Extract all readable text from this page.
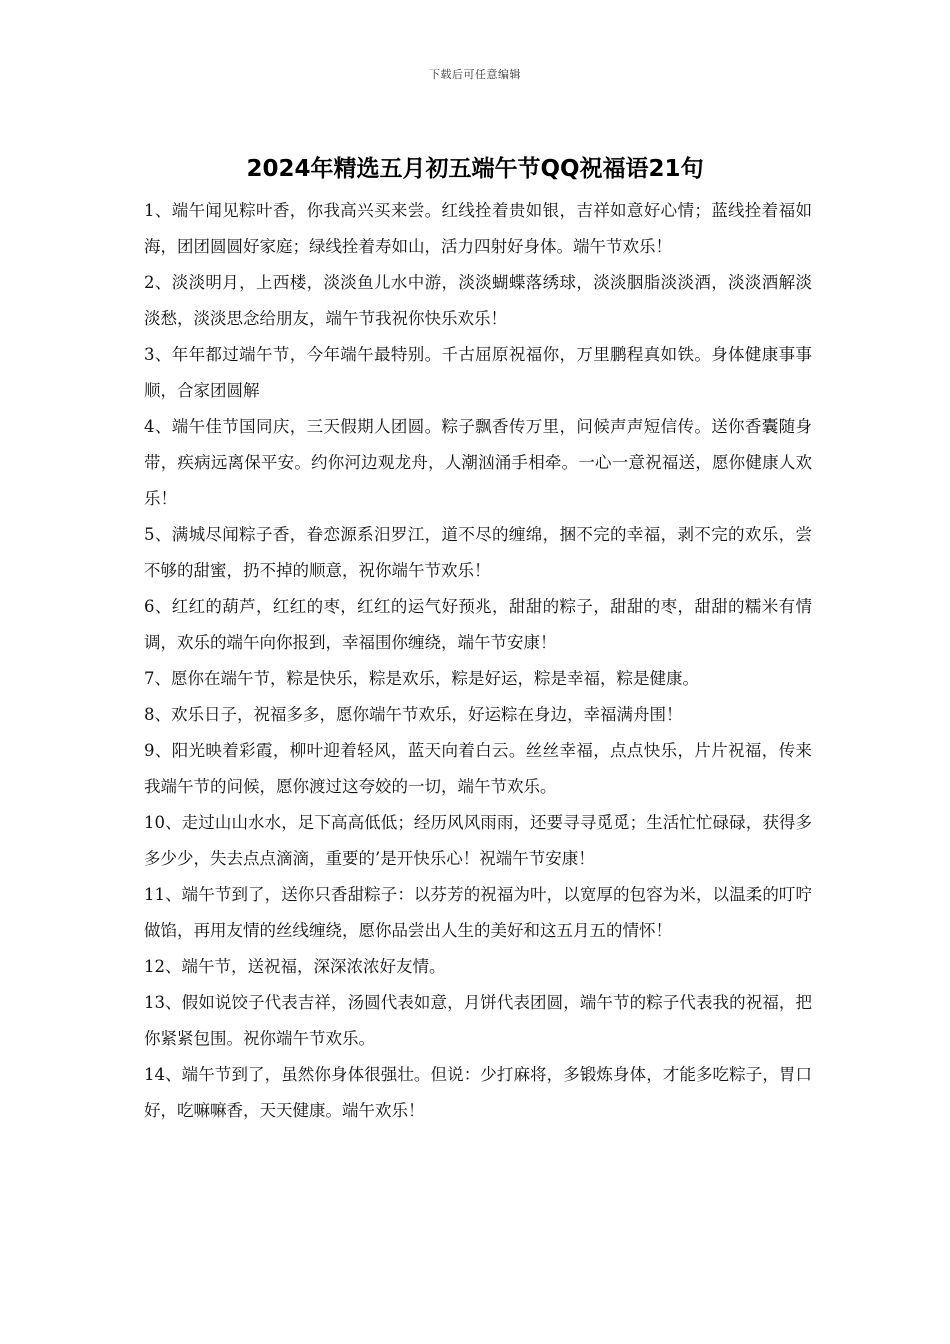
下载后可任意编辑
2024年精选五月初五端午节QQ祝福语21句

1、端午闻见粽叶香，你我高兴买来尝。红线拴着贵如银，吉祥如意好心情；蓝线拴着福如海，团团圆圆好家庭；绿线拴着寿如山，活力四射好身体。端午节欢乐！

2、淡淡明月，上西楼，淡淡鱼儿水中游，淡淡蝴蝶落绣球，淡淡胭脂淡淡酒，淡淡酒解淡淡愁，淡淡思念给朋友，端午节我祝你快乐欢乐！

3、年年都过端午节，今年端午最特别。千古屈原祝福你，万里鹏程真如铁。身体健康事事顺，合家团圆解

4、端午佳节国同庆，三天假期人团圆。粽子飘香传万里，问候声声短信传。送你香囊随身带，疾病远离保平安。约你河边观龙舟，人潮汹涌手相牵。一心一意祝福送，愿你健康人欢乐！

5、满城尽闻粽子香，眷恋源系汨罗江，道不尽的缠绵，捆不完的幸福，剥不完的欢乐，尝不够的甜蜜，扔不掉的顺意，祝你端午节欢乐！

6、红红的葫芦，红红的枣，红红的运气好预兆，甜甜的粽子，甜甜的枣，甜甜的糯米有情调，欢乐的端午向你报到，幸福围你缠绕，端午节安康！

7、愿你在端午节，粽是快乐，粽是欢乐，粽是好运，粽是幸福，粽是健康。

8、欢乐日子，祝福多多，愿你端午节欢乐，好运粽在身边，幸福满舟围！

9、阳光映着彩霞，柳叶迎着轻风，蓝天向着白云。丝丝幸福，点点快乐，片片祝福，传来我端午节的问候，愿你渡过这夸姣的一切，端午节欢乐。

10、走过山山水水，足下高高低低；经历风风雨雨，还要寻寻觅觅；生活忙忙碌碌，获得多多少少，失去点点滴滴，重要的’是开快乐心！祝端午节安康！

11、端午节到了，送你只香甜粽子：以芬芳的祝福为叶，以宽厚的包容为米，以温柔的叮咛做馅，再用友情的丝线缠绕，愿你品尝出人生的美好和这五月五的情怀！

12、端午节，送祝福，深深浓浓好友情。

13、假如说饺子代表吉祥，汤圆代表如意，月饼代表团圆，端午节的粽子代表我的祝福，把你紧紧包围。祝你端午节欢乐。

14、端午节到了，虽然你身体很强壮。但说：少打麻将，多锻炼身体，才能多吃粽子，胃口好，吃嘛嘛香，天天健康。端午欢乐！
